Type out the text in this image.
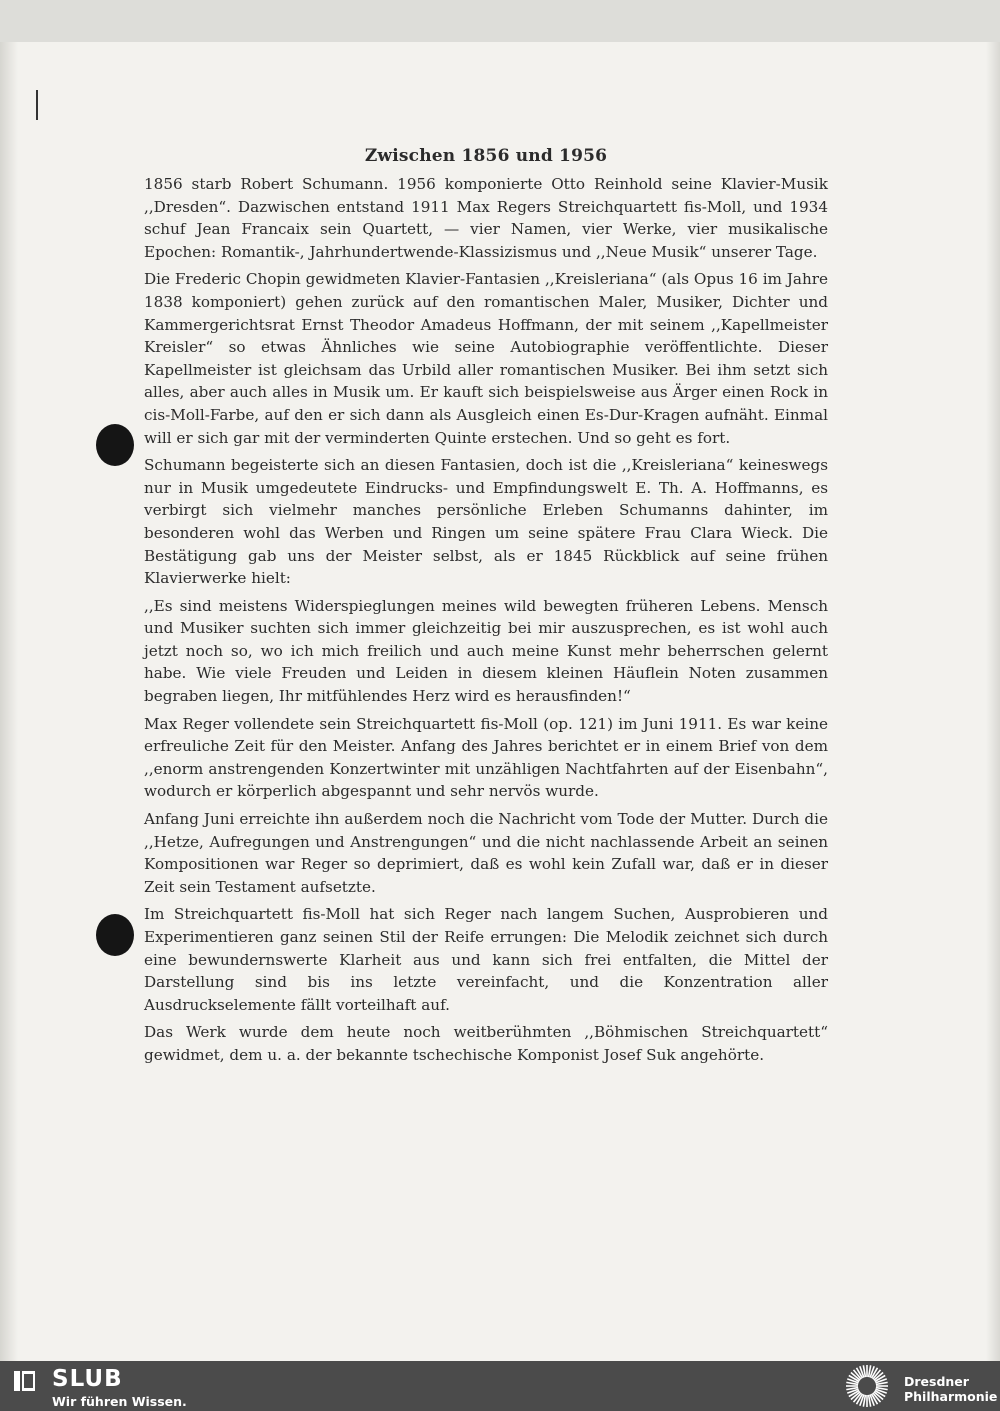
Zwischen 1856 und 1956

1856 starb Robert Schumann. 1956 komponierte Otto Reinhold seine Klavier-Musik ,,Dresden“. Dazwischen entstand 1911 Max Regers Streichquartett fis-Moll, und 1934 schuf Jean Francaix sein Quartett, — vier Namen, vier Werke, vier musikalische Epochen: Romantik-, Jahrhundertwende-Klassizismus und ,,Neue Musik“ unserer Tage.

Die Frederic Chopin gewidmeten Klavier-Fantasien ,,Kreisleriana“ (als Opus 16 im Jahre 1838 komponiert) gehen zurück auf den romantischen Maler, Musiker, Dichter und Kammergerichtsrat Ernst Theodor Amadeus Hoffmann, der mit seinem ,,Kapellmeister Kreisler“ so etwas Ähnliches wie seine Autobiographie veröffentlichte. Dieser Kapellmeister ist gleichsam das Urbild aller romantischen Musiker. Bei ihm setzt sich alles, aber auch alles in Musik um. Er kauft sich beispielsweise aus Ärger einen Rock in cis-Moll-Farbe, auf den er sich dann als Ausgleich einen Es-Dur-Kragen aufnäht. Einmal will er sich gar mit der verminderten Quinte erstechen. Und so geht es fort.

Schumann begeisterte sich an diesen Fantasien, doch ist die ,,Kreisleriana“ keineswegs nur in Musik umgedeutete Eindrucks- und Empfindungswelt E. Th. A. Hoffmanns, es verbirgt sich vielmehr manches persönliche Erleben Schumanns dahinter, im besonderen wohl das Werben und Ringen um seine spätere Frau Clara Wieck. Die Bestätigung gab uns der Meister selbst, als er 1845 Rückblick auf seine frühen Klavierwerke hielt:

,,Es sind meistens Widerspieglungen meines wild bewegten früheren Lebens. Mensch und Musiker suchten sich immer gleichzeitig bei mir auszusprechen, es ist wohl auch jetzt noch so, wo ich mich freilich und auch meine Kunst mehr beherrschen gelernt habe. Wie viele Freuden und Leiden in diesem kleinen Häuflein Noten zusammen begraben liegen, Ihr mitfühlendes Herz wird es herausfinden!“

Max Reger vollendete sein Streichquartett fis-Moll (op. 121) im Juni 1911. Es war keine erfreuliche Zeit für den Meister. Anfang des Jahres berichtet er in einem Brief von dem ,,enorm anstrengenden Konzertwinter mit unzähligen Nachtfahrten auf der Eisenbahn“, wodurch er körperlich abgespannt und sehr nervös wurde.

Anfang Juni erreichte ihn außerdem noch die Nachricht vom Tode der Mutter. Durch die ,,Hetze, Aufregungen und Anstrengungen“ und die nicht nachlassende Arbeit an seinen Kompositionen war Reger so deprimiert, daß es wohl kein Zufall war, daß er in dieser Zeit sein Testament aufsetzte.

Im Streichquartett fis-Moll hat sich Reger nach langem Suchen, Ausprobieren und Experimentieren ganz seinen Stil der Reife errungen: Die Melodik zeichnet sich durch eine bewundernswerte Klarheit aus und kann sich frei entfalten, die Mittel der Darstellung sind bis ins letzte vereinfacht, und die Konzentration aller Ausdruckselemente fällt vorteilhaft auf.

Das Werk wurde dem heute noch weitberühmten ,,Böhmischen Streichquartett“ gewidmet, dem u. a. der bekannte tschechische Komponist Josef Suk angehörte.

SLUB
Wir führen Wissen.
Dresdner
Philharmonie
